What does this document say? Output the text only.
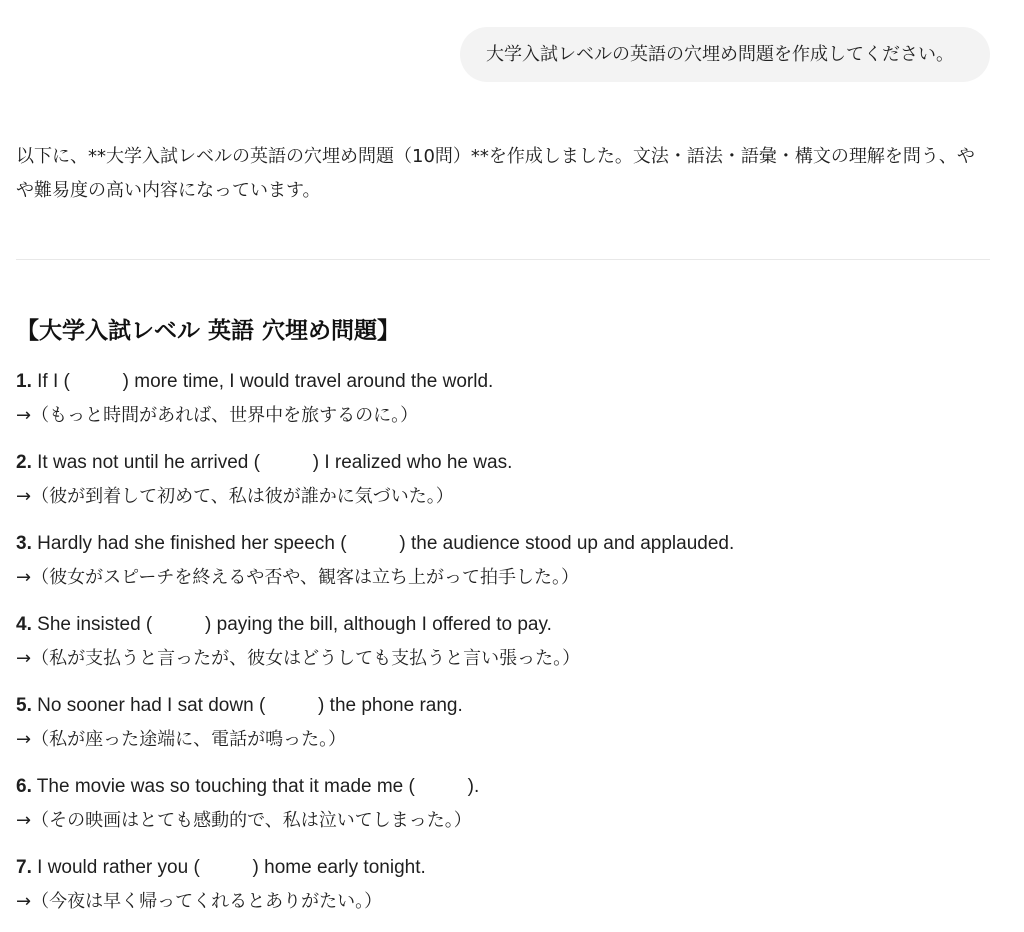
大学入試レベルの英語の穴埋め問題を作成してください。
以下に、**大学入試レベルの英語の穴埋め問題（10問）**を作成しました。文法・語法・語彙・構文の理解を問う、やや難易度の高い内容になっています。
【大学入試レベル 英語 穴埋め問題】
1. If I (          ) more time, I would travel around the world.
→（もっと時間があれば、世界中を旅するのに。）
2. It was not until he arrived (          ) I realized who he was.
→（彼が到着して初めて、私は彼が誰かに気づいた。）
3. Hardly had she finished her speech (          ) the audience stood up and applauded.
→（彼女がスピーチを終えるや否や、観客は立ち上がって拍手した。）
4. She insisted (          ) paying the bill, although I offered to pay.
→（私が支払うと言ったが、彼女はどうしても支払うと言い張った。）
5. No sooner had I sat down (          ) the phone rang.
→（私が座った途端に、電話が鳴った。）
6. The movie was so touching that it made me (          ).
→（その映画はとても感動的で、私は泣いてしまった。）
7. I would rather you (          ) home early tonight.
→（今夜は早く帰ってくれるとありがたい。）
